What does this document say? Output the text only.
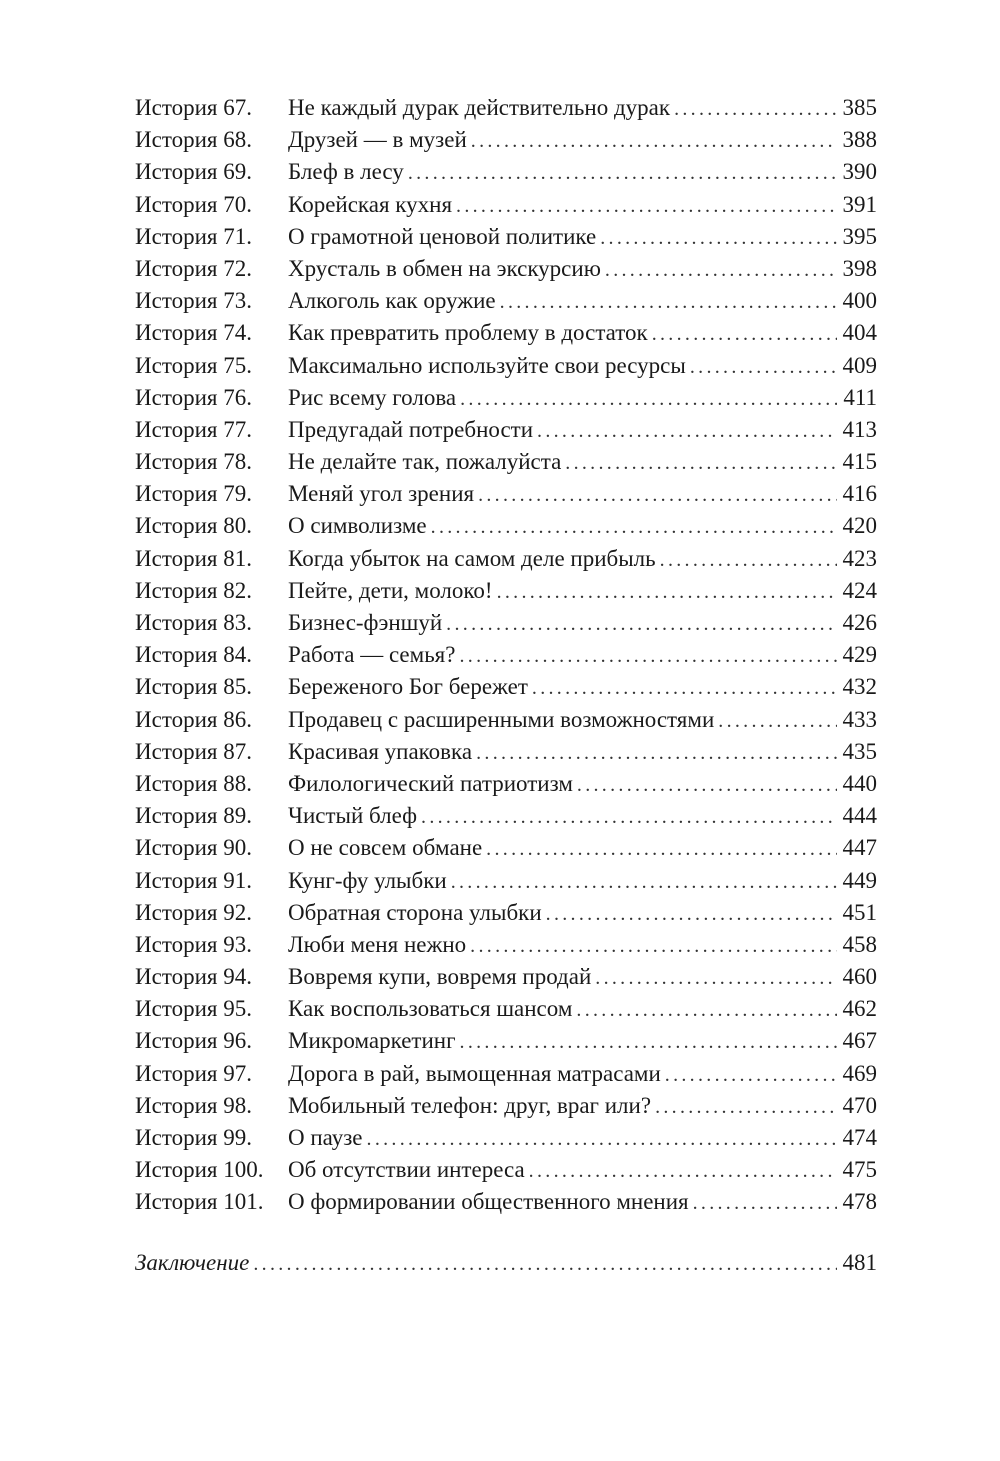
История 67.	Не каждый дурак действительно дурак .....	385
История 68.	Друзей — в музей .....	388
История 69.	Блеф в лесу .....	390
История 70.	Корейская кухня .....	391
История 71.	О грамотной ценовой политике .....	395
История 72.	Хрусталь в обмен на экскурсию .....	398
История 73.	Алкоголь как оружие .....	400
История 74.	Как превратить проблему в достаток .....	404
История 75.	Максимально используйте свои ресурсы .....	409
История 76.	Рис всему голова .....	411
История 77.	Предугадай потребности .....	413
История 78.	Не делайте так, пожалуйста .....	415
История 79.	Меняй угол зрения .....	416
История 80.	О символизме .....	420
История 81.	Когда убыток на самом деле прибыль .....	423
История 82.	Пейте, дети, молоко! .....	424
История 83.	Бизнес-фэншуй .....	426
История 84.	Работа — семья? .....	429
История 85.	Береженого Бог бережет .....	432
История 86.	Продавец с расширенными возможностями .....	433
История 87.	Красивая упаковка .....	435
История 88.	Филологический патриотизм .....	440
История 89.	Чистый блеф .....	444
История 90.	О не совсем обмане .....	447
История 91.	Кунг-фу улыбки .....	449
История 92.	Обратная сторона улыбки .....	451
История 93.	Люби меня нежно .....	458
История 94.	Вовремя купи, вовремя продай .....	460
История 95.	Как воспользоваться шансом .....	462
История 96.	Микромаркетинг .....	467
История 97.	Дорога в рай, вымощенная матрасами .....	469
История 98.	Мобильный телефон: друг, враг или? .....	470
История 99.	О паузе .....	474
История 100.	Об отсутствии интереса .....	475
История 101.	О формировании общественного мнения .....	478
Заключение .....	481
